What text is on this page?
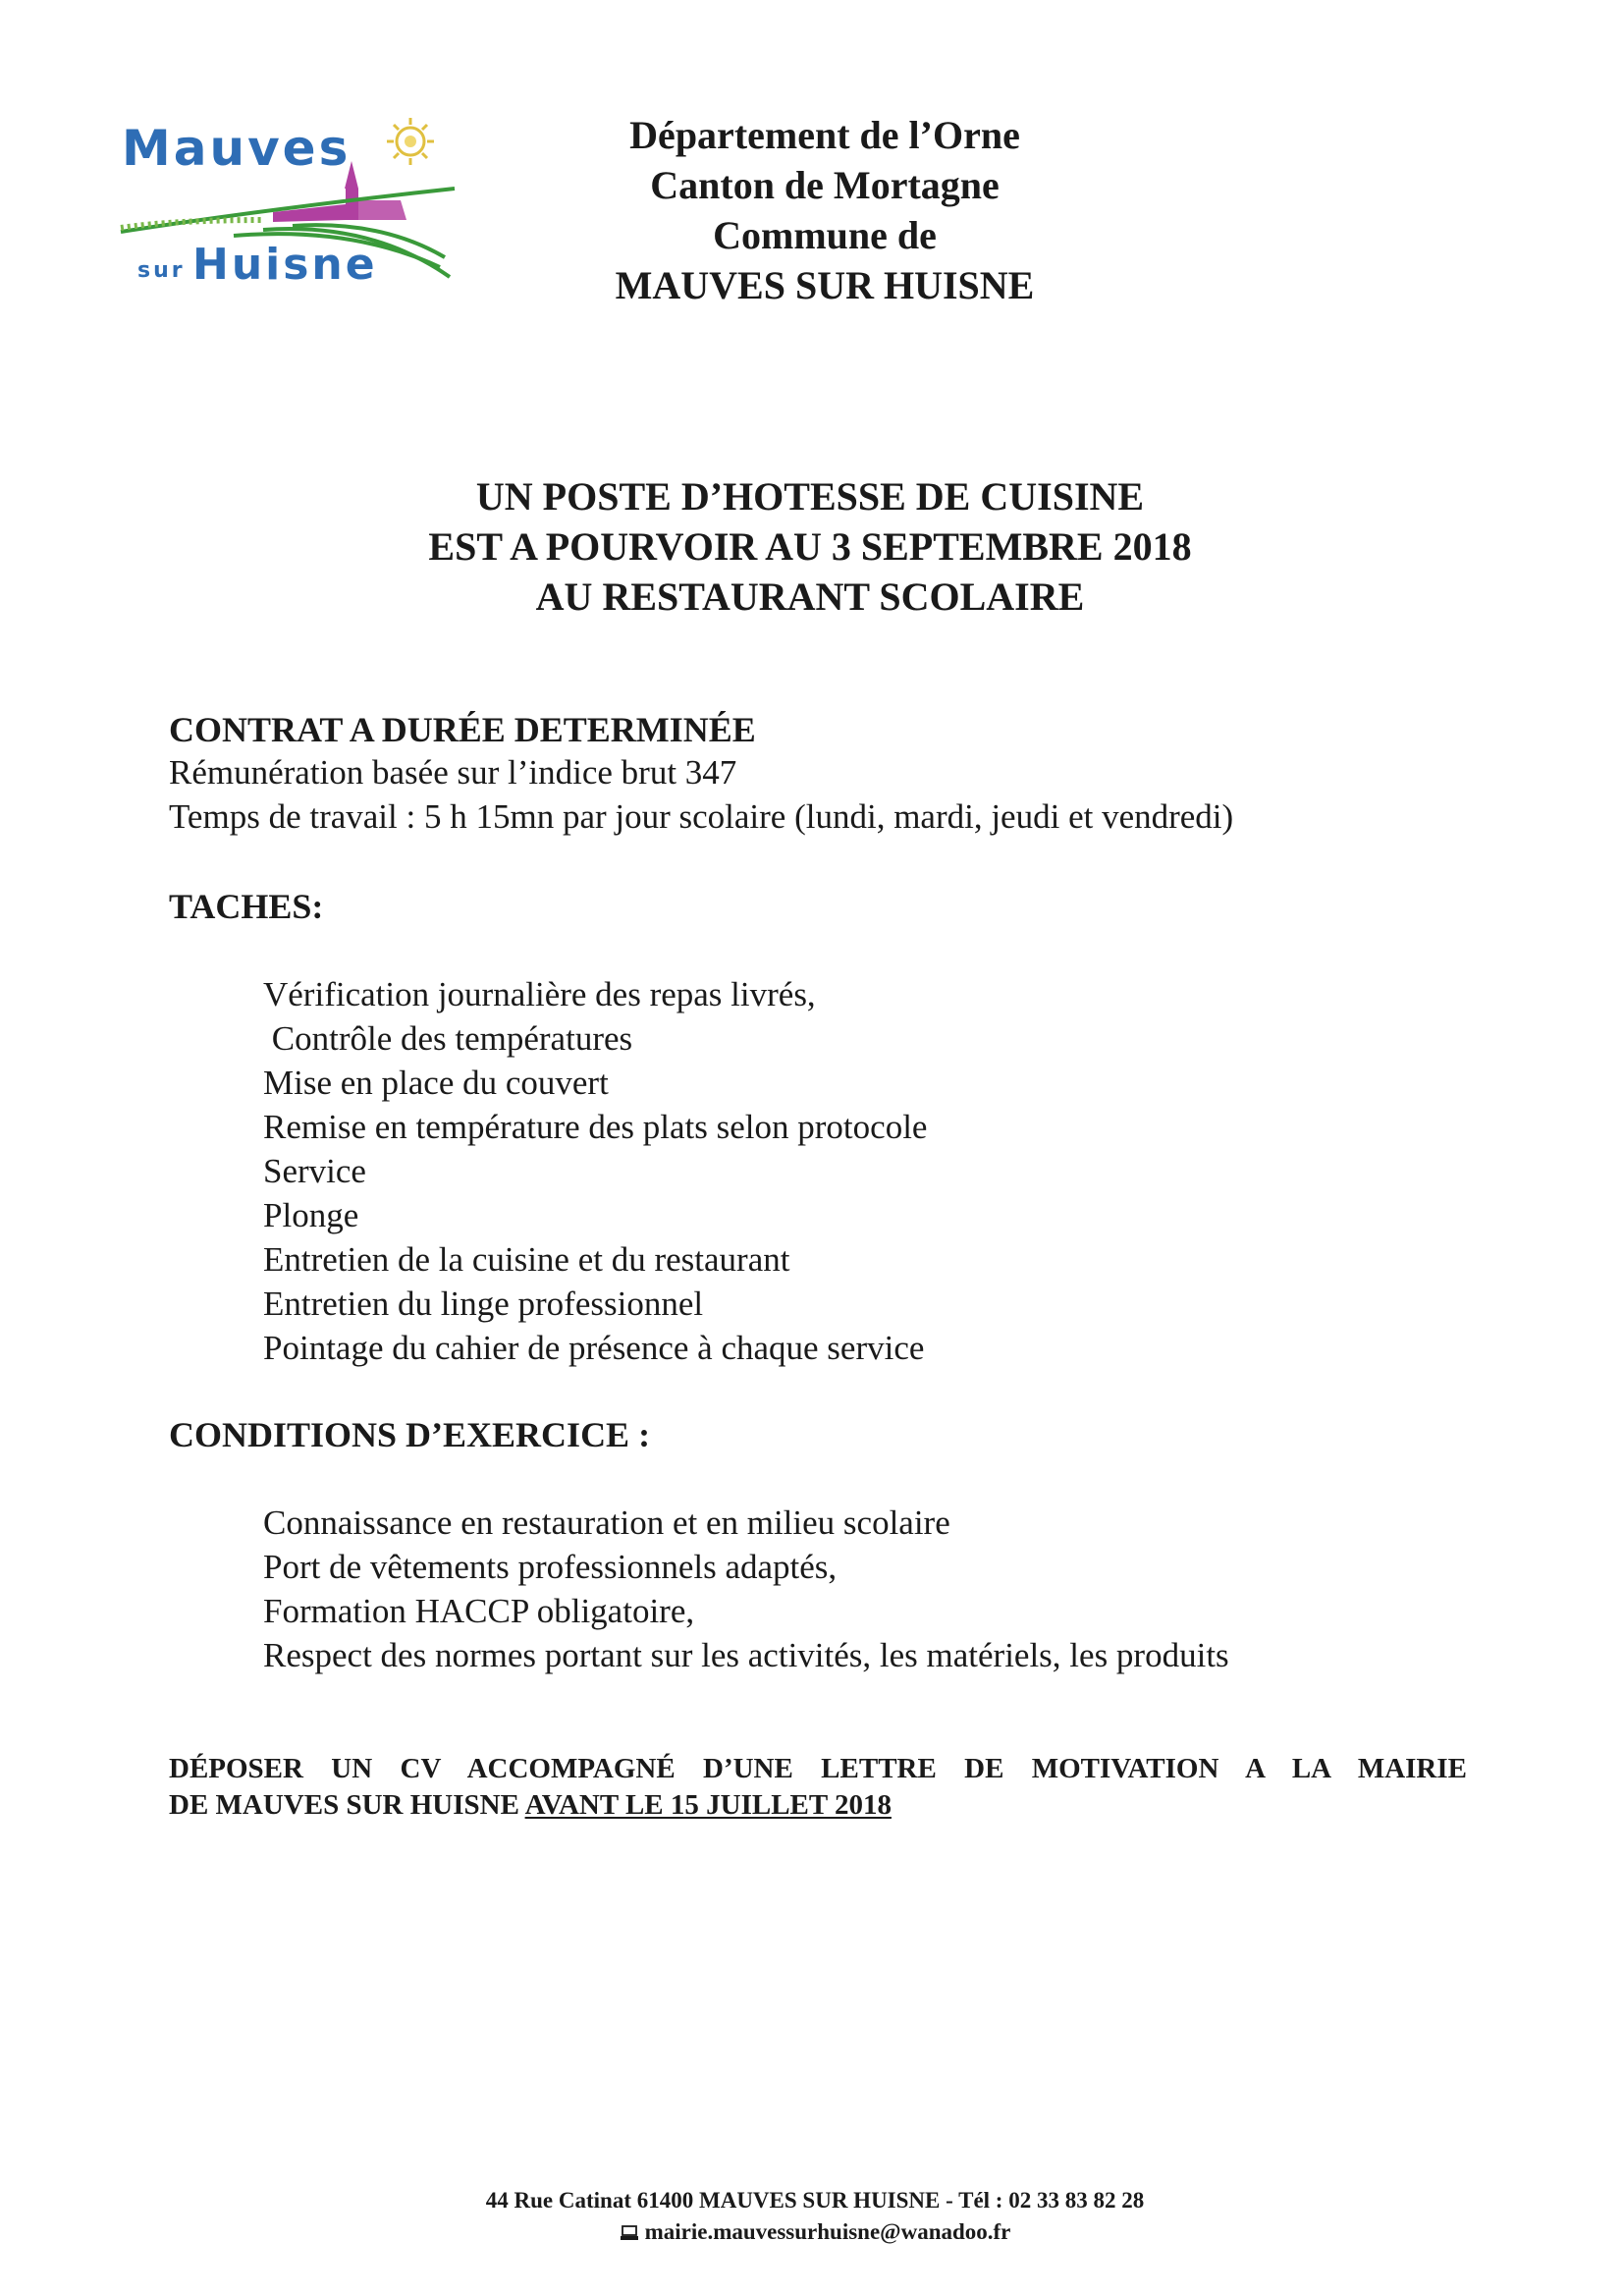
Mauves
sur Huisne
Département de l’Orne
Canton de Mortagne
Commune de
MAUVES SUR HUISNE
UN POSTE D’HOTESSE DE CUISINE
EST A POURVOIR AU 3 SEPTEMBRE 2018
AU RESTAURANT SCOLAIRE
CONTRAT A DURÉE DETERMINÉE
Rémunération basée sur l’indice brut 347
Temps de travail : 5 h 15mn par jour scolaire (lundi, mardi, jeudi et vendredi)
TACHES:
Vérification journalière des repas livrés,
Contrôle des températures
Mise en place du couvert
Remise en température des plats selon protocole
Service
Plonge
Entretien de la cuisine et du restaurant
Entretien du linge professionnel
Pointage du cahier de présence à chaque service
CONDITIONS D’EXERCICE :
Connaissance en restauration et en milieu scolaire
Port de vêtements professionnels adaptés,
Formation HACCP obligatoire,
Respect des normes portant sur les activités, les matériels, les produits
DÉPOSER UN CV ACCOMPAGNÉ D’UNE LETTRE DE MOTIVATION A LA MAIRIE
DE MAUVES SUR HUISNE AVANT LE 15 JUILLET 2018
44 Rue Catinat 61400 MAUVES SUR HUISNE - Tél : 02 33 83 82 28
mairie.mauvessurhuisne@wanadoo.fr
